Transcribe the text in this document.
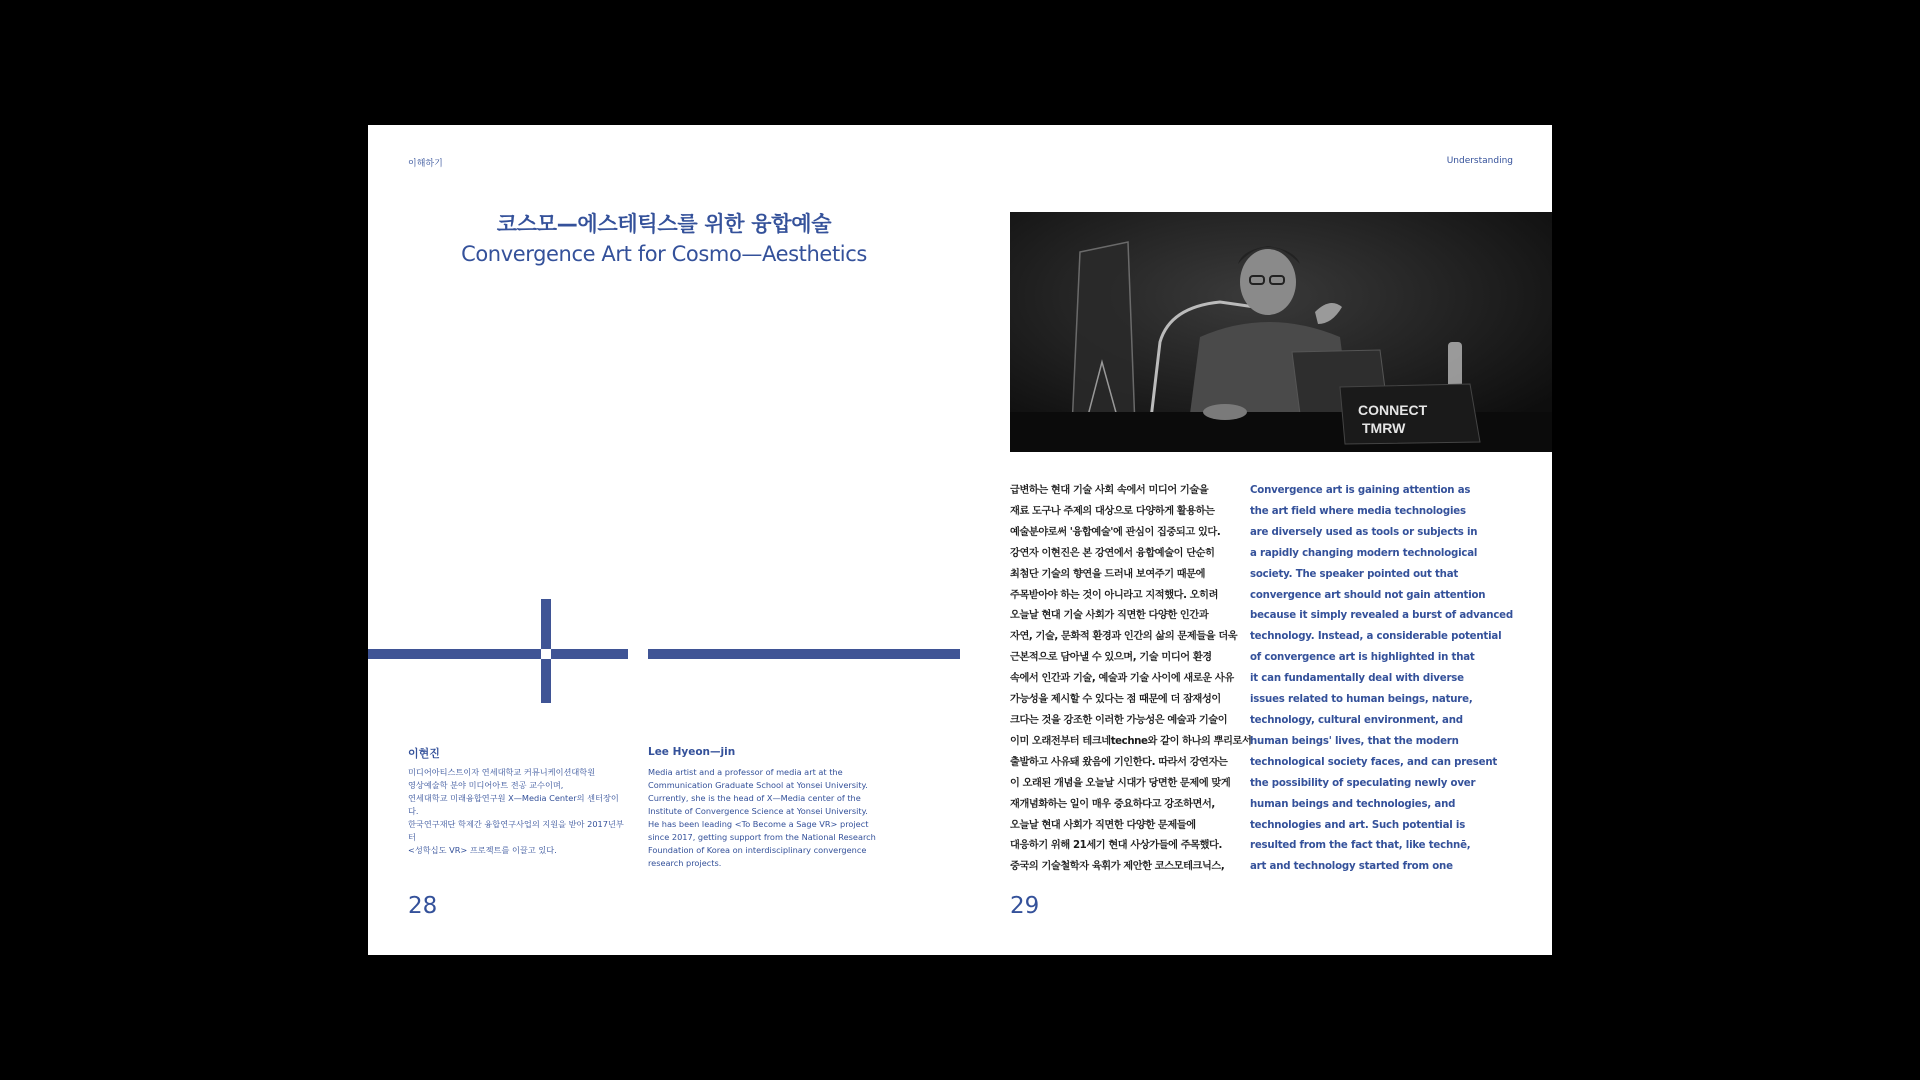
이해하기
코스모—에스테틱스를 위한 융합예술
Convergence Art for Cosmo—Aesthetics
이현진
미디어아티스트이자 연세대학교 커뮤니케이션대학원
영상예술학 분야 미디어아트 전공 교수이며,
연세대학교 미래융합연구원 X—Media Center의 센터장이다.
한국연구재단 학제간 융합연구사업의 지원을 받아 2017년부터
<성학십도 VR> 프로젝트를 이끌고 있다.
Lee Hyeon—jin
Media artist and a professor of media art at the
Communication Graduate School at Yonsei University.
Currently, she is the head of X—Media center of the
Institute of Convergence Science at Yonsei University.
He has been leading <To Become a Sage VR> project
since 2017, getting support from the National Research
Foundation of Korea on interdisciplinary convergence
research projects.
28
Understanding
CONNECT
TMRW
급변하는 현대 기술 사회 속에서 미디어 기술을
재료 도구나 주제의 대상으로 다양하게 활용하는
예술분야로써 '융합예술'에 관심이 집중되고 있다.
강연자 이현진은 본 강연에서 융합예술이 단순히
최첨단 기술의 향연을 드러내 보여주기 때문에
주목받아야 하는 것이 아니라고 지적했다. 오히려
오늘날 현대 기술 사회가 직면한 다양한 인간과
자연, 기술, 문화적 환경과 인간의 삶의 문제들을 더욱
근본적으로 담아낼 수 있으며, 기술 미디어 환경
속에서 인간과 기술, 예술과 기술 사이에 새로운 사유
가능성을 제시할 수 있다는 점 때문에 더 잠재성이
크다는 것을 강조한 이러한 가능성은 예술과 기술이
이미 오래전부터 테크네techne와 같이 하나의 뿌리로서
출발하고 사유돼 왔음에 기인한다. 따라서 강연자는
이 오래된 개념을 오늘날 시대가 당면한 문제에 맞게
재개념화하는 일이 매우 중요하다고 강조하면서,
오늘날 현대 사회가 직면한 다양한 문제들에
대응하기 위해 21세기 현대 사상가들에 주목했다.
중국의 기술철학자 육휘가 제안한 코스모테크닉스,
Convergence art is gaining attention as
the art field where media technologies
are diversely used as tools or subjects in
a rapidly changing modern technological
society. The speaker pointed out that
convergence art should not gain attention
because it simply revealed a burst of advanced
technology. Instead, a considerable potential
of convergence art is highlighted in that
it can fundamentally deal with diverse
issues related to human beings, nature,
technology, cultural environment, and
human beings' lives, that the modern
technological society faces, and can present
the possibility of speculating newly over
human beings and technologies, and
technologies and art. Such potential is
resulted from the fact that, like technē,
art and technology started from one
29
